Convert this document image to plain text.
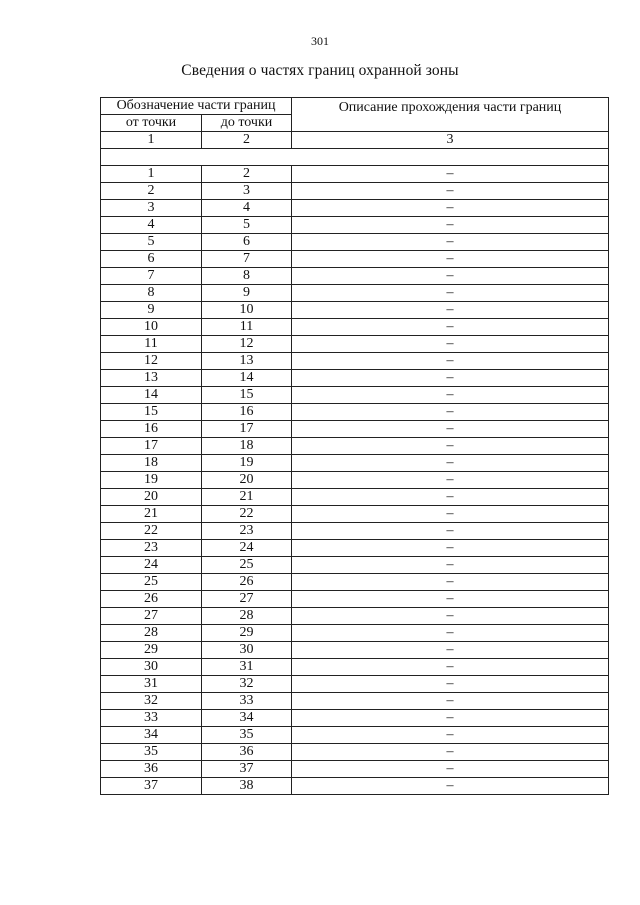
301
Сведения о частях границ охранной зоны
Обозначение части границ		Описание прохождения части границ
от точки	до точки	
1	2	3

1	2	–
2	3	–
3	4	–
4	5	–
5	6	–
6	7	–
7	8	–
8	9	–
9	10	–
10	11	–
11	12	–
12	13	–
13	14	–
14	15	–
15	16	–
16	17	–
17	18	–
18	19	–
19	20	–
20	21	–
21	22	–
22	23	–
23	24	–
24	25	–
25	26	–
26	27	–
27	28	–
28	29	–
29	30	–
30	31	–
31	32	–
32	33	–
33	34	–
34	35	–
35	36	–
36	37	–
37	38	–
